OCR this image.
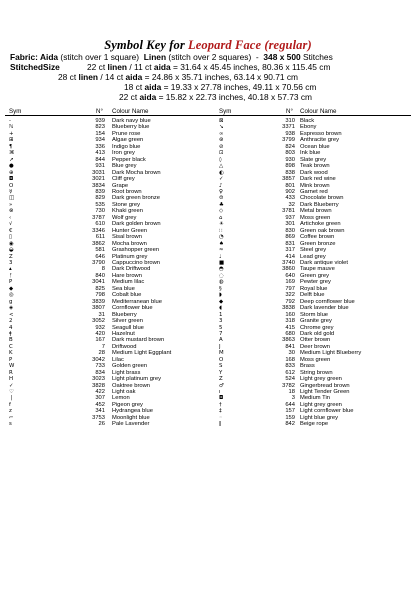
Symbol Key for Leopard Face (regular)
Fabric: Aida (stitch over 1 square) Linen (stitch over 2 squares)  -  348 x 500 Stitches
StitchedSize	22 ct linen / 11 ct aida = 31.64 x 45.45 inches, 80.36 x 115.45 cm
28 ct linen / 14 ct aida = 24.86 x 35.71 inches, 63.14 x 90.71 cm
18 ct aida = 19.33 x 27.78 inches, 49.11 x 70.56 cm
22 ct aida = 15.82 x 22.73 inches, 40.18 x 57.73 cm
Sym	N° Colour Name	Sym	N° Colour Name
-	939 Dark navy blue	⊠	310 Black
ℕ	823 Blueberry blue	↘	3371 Ebony
+	154 Prune rose	∞	938 Espresso brown
⊞	934 Algae green	⊛	3799 Anthracite grey
¶	336 Indigo blue	⊘	824 Ocean blue
⌘	413 Iron grey	⊡	803 Ink blue
↗	844 Pepper black	◊	930 Slate grey
●	931 Blue grey	△	898 Teak brown
⊕	3031 Dark Mocha brown	◐	838 Dark wood
◘	3021 Cliff grey	✓	3857 Dark red wine
O	3834 Grape	♪	801 Mink brown
☿	839 Root brown	♀	902 Garnet red
◫	829 Dark green bronze	⊜	433 Chocolate brown
»	535 Stone grey	♣	32 Dark Blueberry
⊗	730 Khaki green	◇	3781 Metal brown
‹	3787 Wolf grey	⌂	937 Moss green
√	610 Dark golden brown	☀	301 Artichoke green
€	3346 Hunter Green	∷	830 Green oak brown
▯	611 Sisal brown	◔	869 Coffee brown
◉	3862 Mocha brown	♠	831 Green bronze
◒	581 Grashopper green	≈	317 Steel grey
Z	646 Platinum grey	♩	414 Lead grey
3	3790 Cappuccino brown	■	3740 Dark antique violet
▴	8 Dark Driftwood	◓	3860 Taupe mauve
ᚠ	840 Hare brown	◌	640 Green grey
P	3041 Medium lilac	◍	169 Pewter grey
◆	825 Sea blue	§	797 Royal blue
◎	798 Cobalt blue	◗	322 Delft blue
g	3839 Mediterranean blue	◆	792 Deep cornflower blue
◈	3807 Cornflower blue	◖	3838 Dark lavender blue
<	31 Blueberry	1	160 Storm blue
2	3052 Silver green	3	318 Granite grey
4	932 Seagull blue	5	415 Chrome grey
ǂ	420 Hazelnut	7	680 Dark old gold
B	167 Dark mustard brown	A	3863 Otter brown
C	7 Driftwood	J	841 Deer brown
K	28 Medium Light Eggplant	M	30 Medium Light Blueberry
P	3042 Lilac	O	168 Moss green
W	733 Golden green	S	833 Brass
R	834 Light brass	Y	612 String brown
H	3023 Light platinum grey	Z	524 Light grey green
✓	3828 Oaktree brown	♂	3782 Gingerbread brown
♡	422 Light oak	ı	18 Light Tender Green
❘	307 Lemon	◘	3 Medium Tin
f	452 Pigeon grey	†	644 Light grey green
z	341 Hydrangea blue	‡	157 Light cornflower blue
⌐	3753 Moonlight blue	◦	159 Light blue grey
s	26 Pale Lavender	∥	842 Beige rope
